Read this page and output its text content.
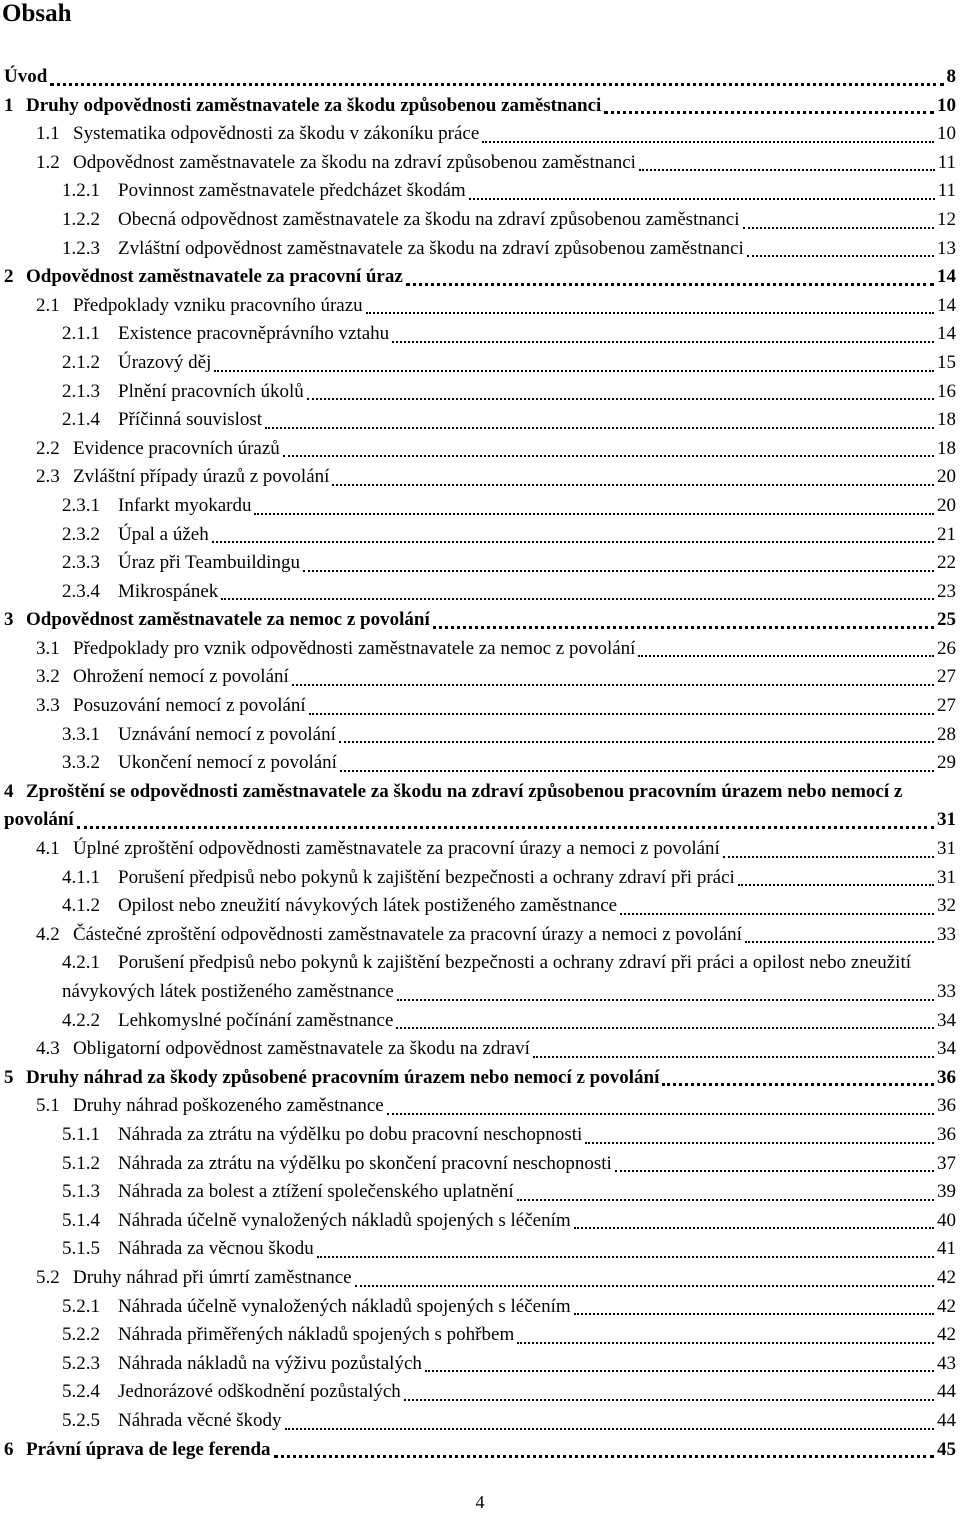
Obsah
Úvod	8
1 Druhy odpovědnosti zaměstnavatele za škodu způsobenou zaměstnanci	10
1.1 Systematika odpovědnosti za škodu v zákoníku práce	10
1.2 Odpovědnost zaměstnavatele za škodu na zdraví způsobenou zaměstnanci	11
1.2.1 Povinnost zaměstnavatele předcházet škodám	11
1.2.2 Obecná odpovědnost zaměstnavatele za škodu na zdraví způsobenou zaměstnanci	12
1.2.3 Zvláštní odpovědnost zaměstnavatele za škodu na zdraví způsobenou zaměstnanci	13
2 Odpovědnost zaměstnavatele za pracovní úraz	14
2.1 Předpoklady vzniku pracovního úrazu	14
2.1.1 Existence pracovněprávního vztahu	14
2.1.2 Úrazový děj	15
2.1.3 Plnění pracovních úkolů	16
2.1.4 Příčinná souvislost	18
2.2 Evidence pracovních úrazů	18
2.3 Zvláštní případy úrazů z povolání	20
2.3.1 Infarkt myokardu	20
2.3.2 Úpal a úžeh	21
2.3.3 Úraz při Teambuildingu	22
2.3.4 Mikrospánek	23
3 Odpovědnost zaměstnavatele za nemoc z povolání	25
3.1 Předpoklady pro vznik odpovědnosti zaměstnavatele za nemoc z povolání	26
3.2 Ohrožení nemocí z povolání	27
3.3 Posuzování nemocí z povolání	27
3.3.1 Uznávání nemocí z povolání	28
3.3.2 Ukončení nemocí z povolání	29
4 Zproštění se odpovědnosti zaměstnavatele za škodu na zdraví způsobenou pracovním úrazem nebo nemocí z povolání	31
4.1 Úplné zproštění odpovědnosti zaměstnavatele za pracovní úrazy a nemoci z povolání	31
4.1.1 Porušení předpisů nebo pokynů k zajištění bezpečnosti a ochrany zdraví při práci	31
4.1.2 Opilost nebo zneužití návykových látek postiženého zaměstnance	32
4.2 Částečné zproštění odpovědnosti zaměstnavatele za pracovní úrazy a nemoci z povolání	33
4.2.1 Porušení předpisů nebo pokynů k zajištění bezpečnosti a ochrany zdraví při práci a opilost nebo zneužití návykových látek postiženého zaměstnance	33
4.2.2 Lehkomyslné počínání zaměstnance	34
4.3 Obligatorní odpovědnost zaměstnavatele za škodu na zdraví	34
5 Druhy náhrad za škody způsobené pracovním úrazem nebo nemocí z povolání	36
5.1 Druhy náhrad poškozeného zaměstnance	36
5.1.1 Náhrada za ztrátu na výdělku po dobu pracovní neschopnosti	36
5.1.2 Náhrada za ztrátu na výdělku po skončení pracovní neschopnosti	37
5.1.3 Náhrada za bolest a ztížení společenského uplatnění	39
5.1.4 Náhrada účelně vynaložených nákladů spojených s léčením	40
5.1.5 Náhrada za věcnou škodu	41
5.2 Druhy náhrad při úmrtí zaměstnance	42
5.2.1 Náhrada účelně vynaložených nákladů spojených s léčením	42
5.2.2 Náhrada přiměřených nákladů spojených s pohřbem	42
5.2.3 Náhrada nákladů na výživu pozůstalých	43
5.2.4 Jednorázové odškodnění pozůstalých	44
5.2.5 Náhrada věcné škody	44
6 Právní úprava de lege ferenda	45
4
